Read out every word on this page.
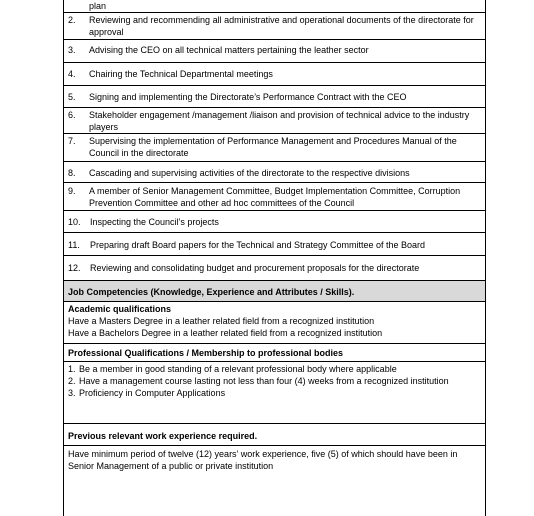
plan
2. Reviewing and recommending all administrative and operational documents of the directorate for approval
3. Advising the CEO on all technical matters pertaining the leather sector
4. Chairing the Technical Departmental meetings
5. Signing and implementing the Directorate’s Performance Contract with the CEO
6. Stakeholder engagement /management /liaison and provision of technical advice to the industry players
7. Supervising the implementation of Performance Management and Procedures Manual of the Council in the directorate
8. Cascading and supervising activities of the directorate to the respective divisions
9. A member of Senior Management Committee, Budget Implementation Committee, Corruption Prevention Committee and other ad hoc committees of the Council
10. Inspecting the Council’s projects
11. Preparing draft Board papers for the Technical and Strategy Committee of the Board
12. Reviewing and consolidating budget and procurement proposals for the directorate
Job Competencies (Knowledge, Experience and Attributes / Skills).
Academic qualifications
Have a Masters Degree in a leather related field from a recognized institution
Have a Bachelors Degree in a leather related field from a recognized institution
Professional Qualifications / Membership to professional bodies
1. Be a member in good standing of a relevant professional body where applicable
2. Have a management course lasting not less than four (4) weeks from a recognized institution
3. Proficiency in Computer Applications
Previous relevant work experience required.
Have minimum period of twelve (12) years’ work experience, five (5) of which should have been in Senior Management of a public or private institution
